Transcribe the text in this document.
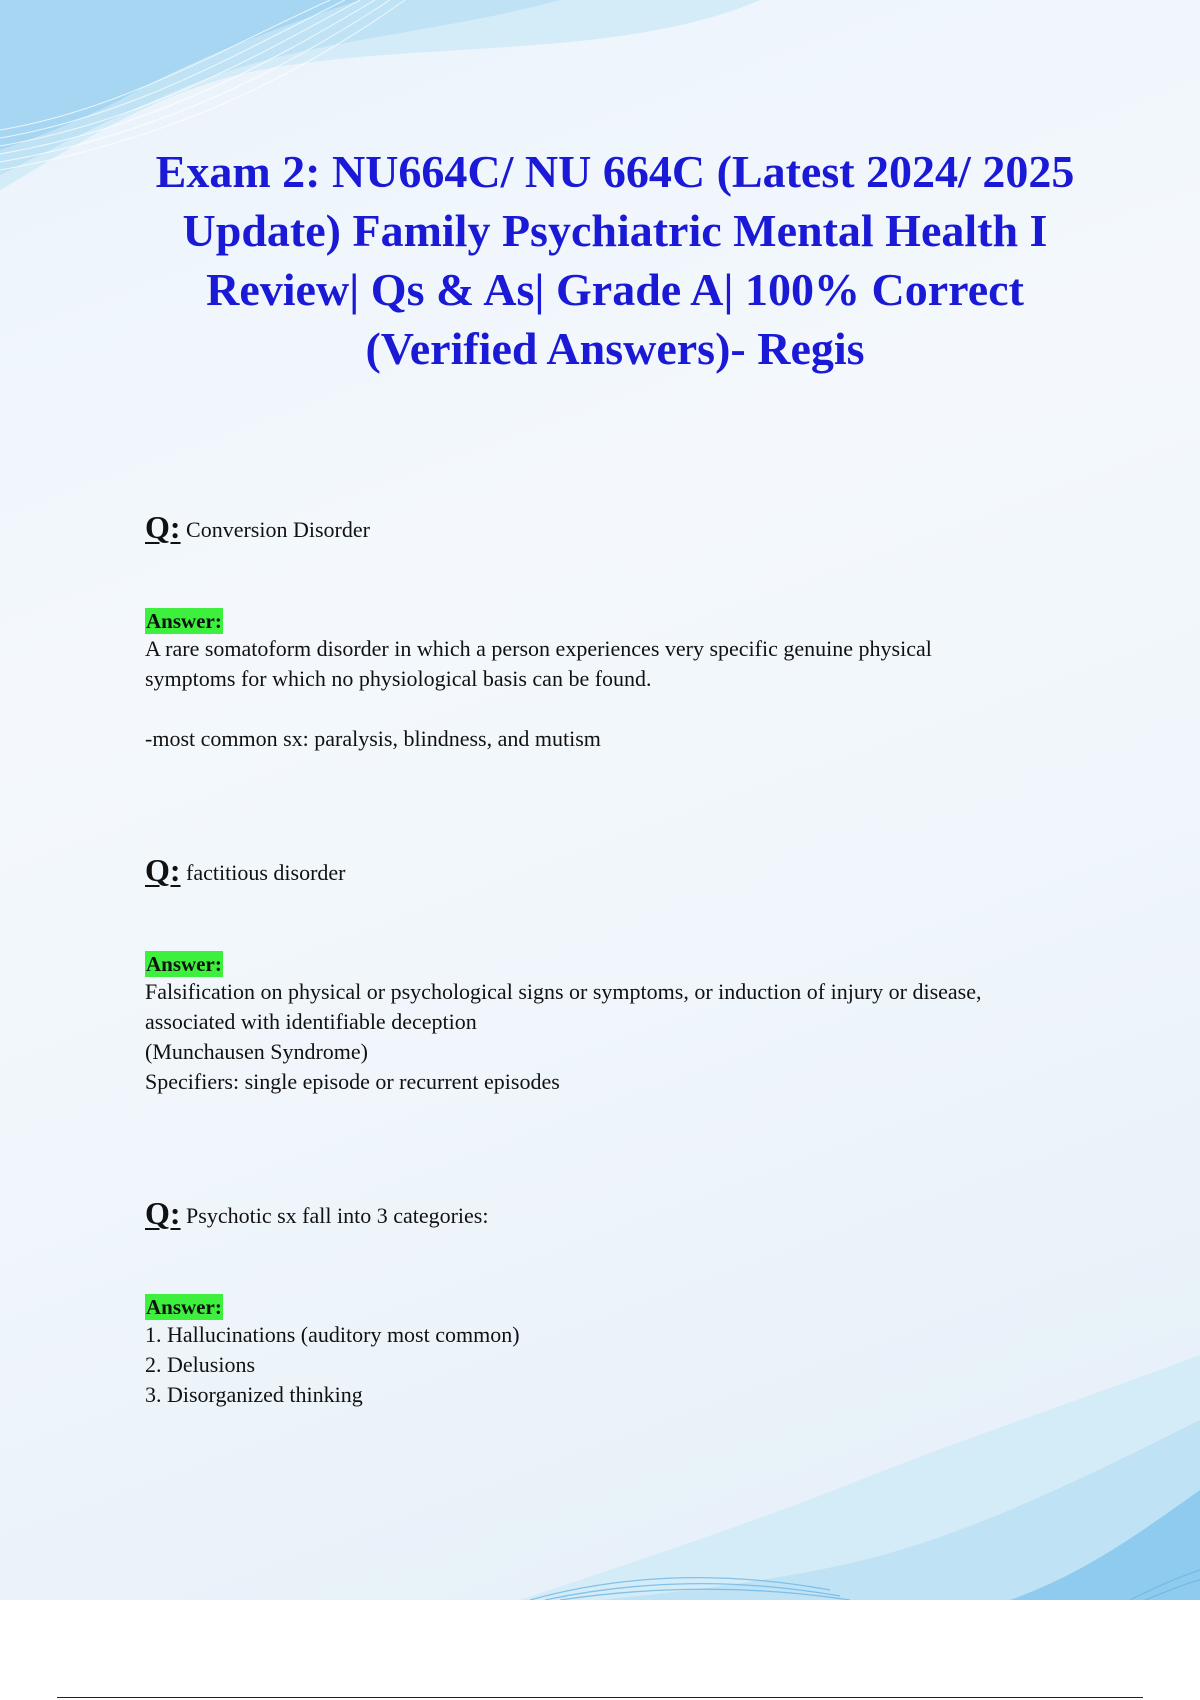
Exam 2: NU664C/ NU 664C (Latest 2024/ 2025 Update) Family Psychiatric Mental Health I Review| Qs & As| Grade A| 100% Correct (Verified Answers)- Regis
Q: Conversion Disorder
Answer:

A rare somatoform disorder in which a person experiences very specific genuine physical
symptoms for which no physiological basis can be found.

-most common sx: paralysis, blindness, and mutism

Q: factitious disorder
Answer:

Falsification on physical or psychological signs or symptoms, or induction of injury or disease,
associated with identifiable deception
(Munchausen Syndrome)
Specifiers: single episode or recurrent episodes

Q: Psychotic sx fall into 3 categories:
Answer:

1. Hallucinations (auditory most common)
2. Delusions
3. Disorganized thinking
